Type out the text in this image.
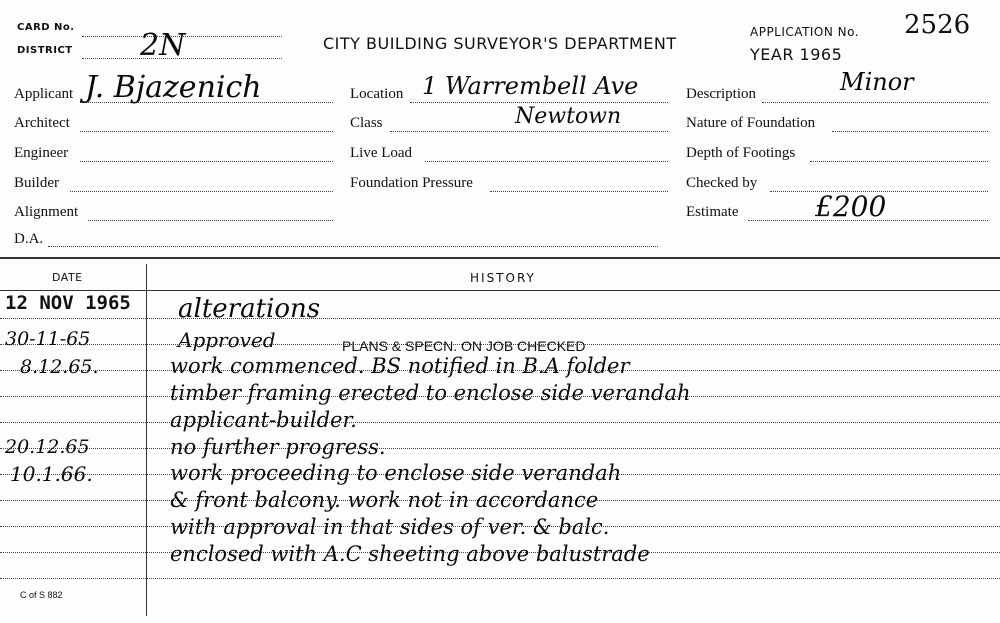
CARD No.
DISTRICT 2N	CITY BUILDING SURVEYOR'S DEPARTMENT
APPLICATION No. 2526
YEAR 1965
Applicant J. Bjazenich
Architect
Engineer
Builder
Alignment
D.A.
Location 1 Warrembell Ave
Class	Newtown
Live Load
Foundation Pressure
Description	Minor
Nature of Foundation
Depth of Footings
Checked by
Estimate	£200
DATE	HISTORY
12 NOV 1965 alterations
30-11-65	Approved	PLANS & SPECN. ON JOB CHECKED
8.12.65.	work commenced. BS notified in B.A folder
timber framing erected to enclose side verandah
applicant-builder.
20.12.65	no further progress.
10.1.66.	work proceeding to enclose side verandah
& front balcony. work not in accordance
with approval in that sides of ver. & balc.
enclosed with A.C sheeting above balustrade
C of S 882
